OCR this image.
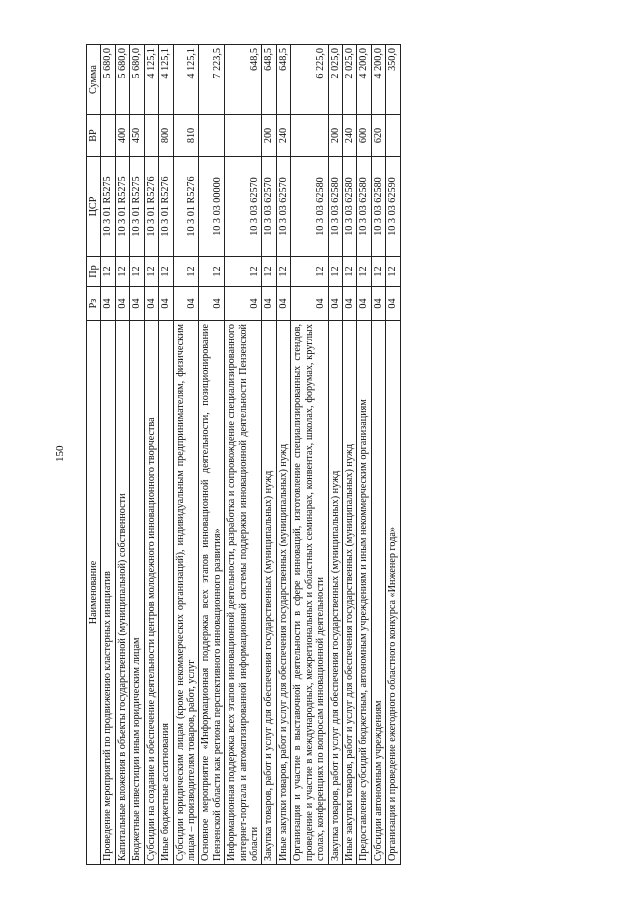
150
Наименование	Рз	Пр	ЦСР	ВР	Сумма
Проведение мероприятий по продвижению кластерных инициатив	04	12	10 3 01 R5275		5 680,0
Капитальные вложения в объекты государственной (муниципальной) собственности	04	12	10 3 01 R5275	400	5 680,0
Бюджетные инвестиции иным юридическим лицам	04	12	10 3 01 R5275	450	5 680,0
Субсидии на создание и обеспечение деятельности центров молодежного инновационного творчества	04	12	10 3 01 R5276		4 125,1
Иные бюджетные ассигнования	04	12	10 3 01 R5276	800	4 125,1
Субсидии юридическим лицам (кроме некоммерческих организаций), индивидуальным предпринимателям, физическим лицам – производителям товаров, работ, услуг	04	12	10 3 01 R5276	810	4 125,1
Основное мероприятие «Информационная поддержка всех этапов инновационной деятельности, позиционирование Пензенской области как региона перспективного инновационного развития»	04	12	10 3 03 00000		7 223,5
Информационная поддержка всех этапов инновационной деятельности, разработка и сопровождение специализированного интернет-портала и автоматизированной информационной системы поддержки инновационной деятельности Пензенской области	04	12	10 3 03 62570		648,5
Закупка товаров, работ и услуг для обеспечения государственных (муниципальных) нужд	04	12	10 3 03 62570	200	648,5
Иные закупки товаров, работ и услуг для обеспечения государственных (муниципальных) нужд	04	12	10 3 03 62570	240	648,5
Организация и участие в выставочной деятельности в сфере инноваций, изготовление специализированных стендов, проведение и участие в международных, межрегиональных и областных семинарах, конвентах, школах, форумах, круглых столах, конференциях по вопросам инновационной деятельности	04	12	10 3 03 62580		6 225,0
Закупка товаров, работ и услуг для обеспечения государственных (муниципальных) нужд	04	12	10 3 03 62580	200	2 025,0
Иные закупки товаров, работ и услуг для обеспечения государственных (муниципальных) нужд	04	12	10 3 03 62580	240	2 025,0
Предоставление субсидий бюджетным, автономным учреждениям и иным некоммерческим организациям	04	12	10 3 03 62580	600	4 200,0
Субсидии автономным учреждениям	04	12	10 3 03 62580	620	4 200,0
Организация и проведение ежегодного областного конкурса «Инженер года»	04	12	10 3 03 62590		350,0
